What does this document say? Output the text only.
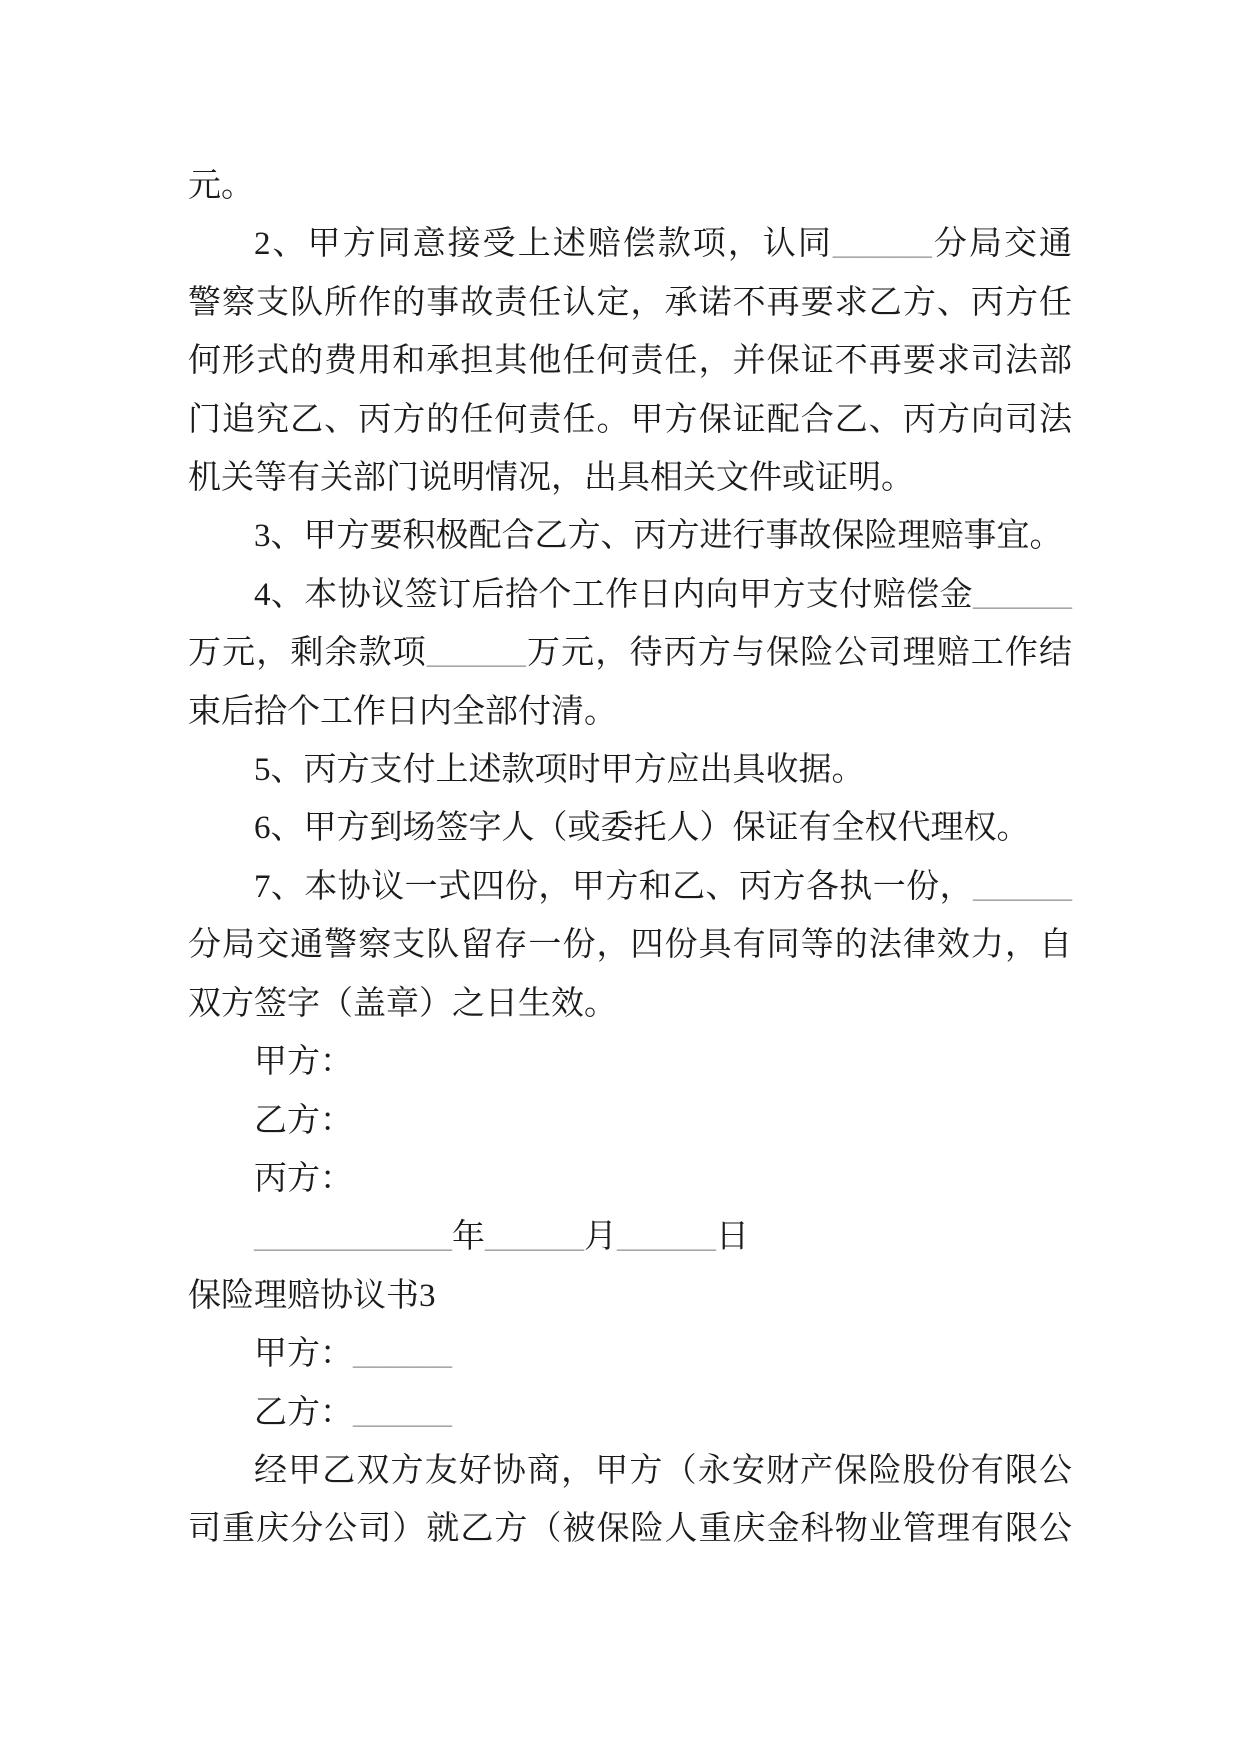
元。
2、甲方同意接受上述赔偿款项，认同______分局交通
警察支队所作的事故责任认定，承诺不再要求乙方、丙方任
何形式的费用和承担其他任何责任，并保证不再要求司法部
门追究乙、丙方的任何责任。甲方保证配合乙、丙方向司法
机关等有关部门说明情况，出具相关文件或证明。
3、甲方要积极配合乙方、丙方进行事故保险理赔事宜。
4、本协议签订后拾个工作日内向甲方支付赔偿金______
万元，剩余款项______万元，待丙方与保险公司理赔工作结
束后拾个工作日内全部付清。
5、丙方支付上述款项时甲方应出具收据。
6、甲方到场签字人（或委托人）保证有全权代理权。
7、本协议一式四份，甲方和乙、丙方各执一份，______
分局交通警察支队留存一份，四份具有同等的法律效力，自
双方签字（盖章）之日生效。
甲方：
乙方：
丙方：
____________年______月______日
保险理赔协议书3
甲方：______
乙方：______
经甲乙双方友好协商，甲方（永安财产保险股份有限公
司重庆分公司）就乙方（被保险人重庆金科物业管理有限公
